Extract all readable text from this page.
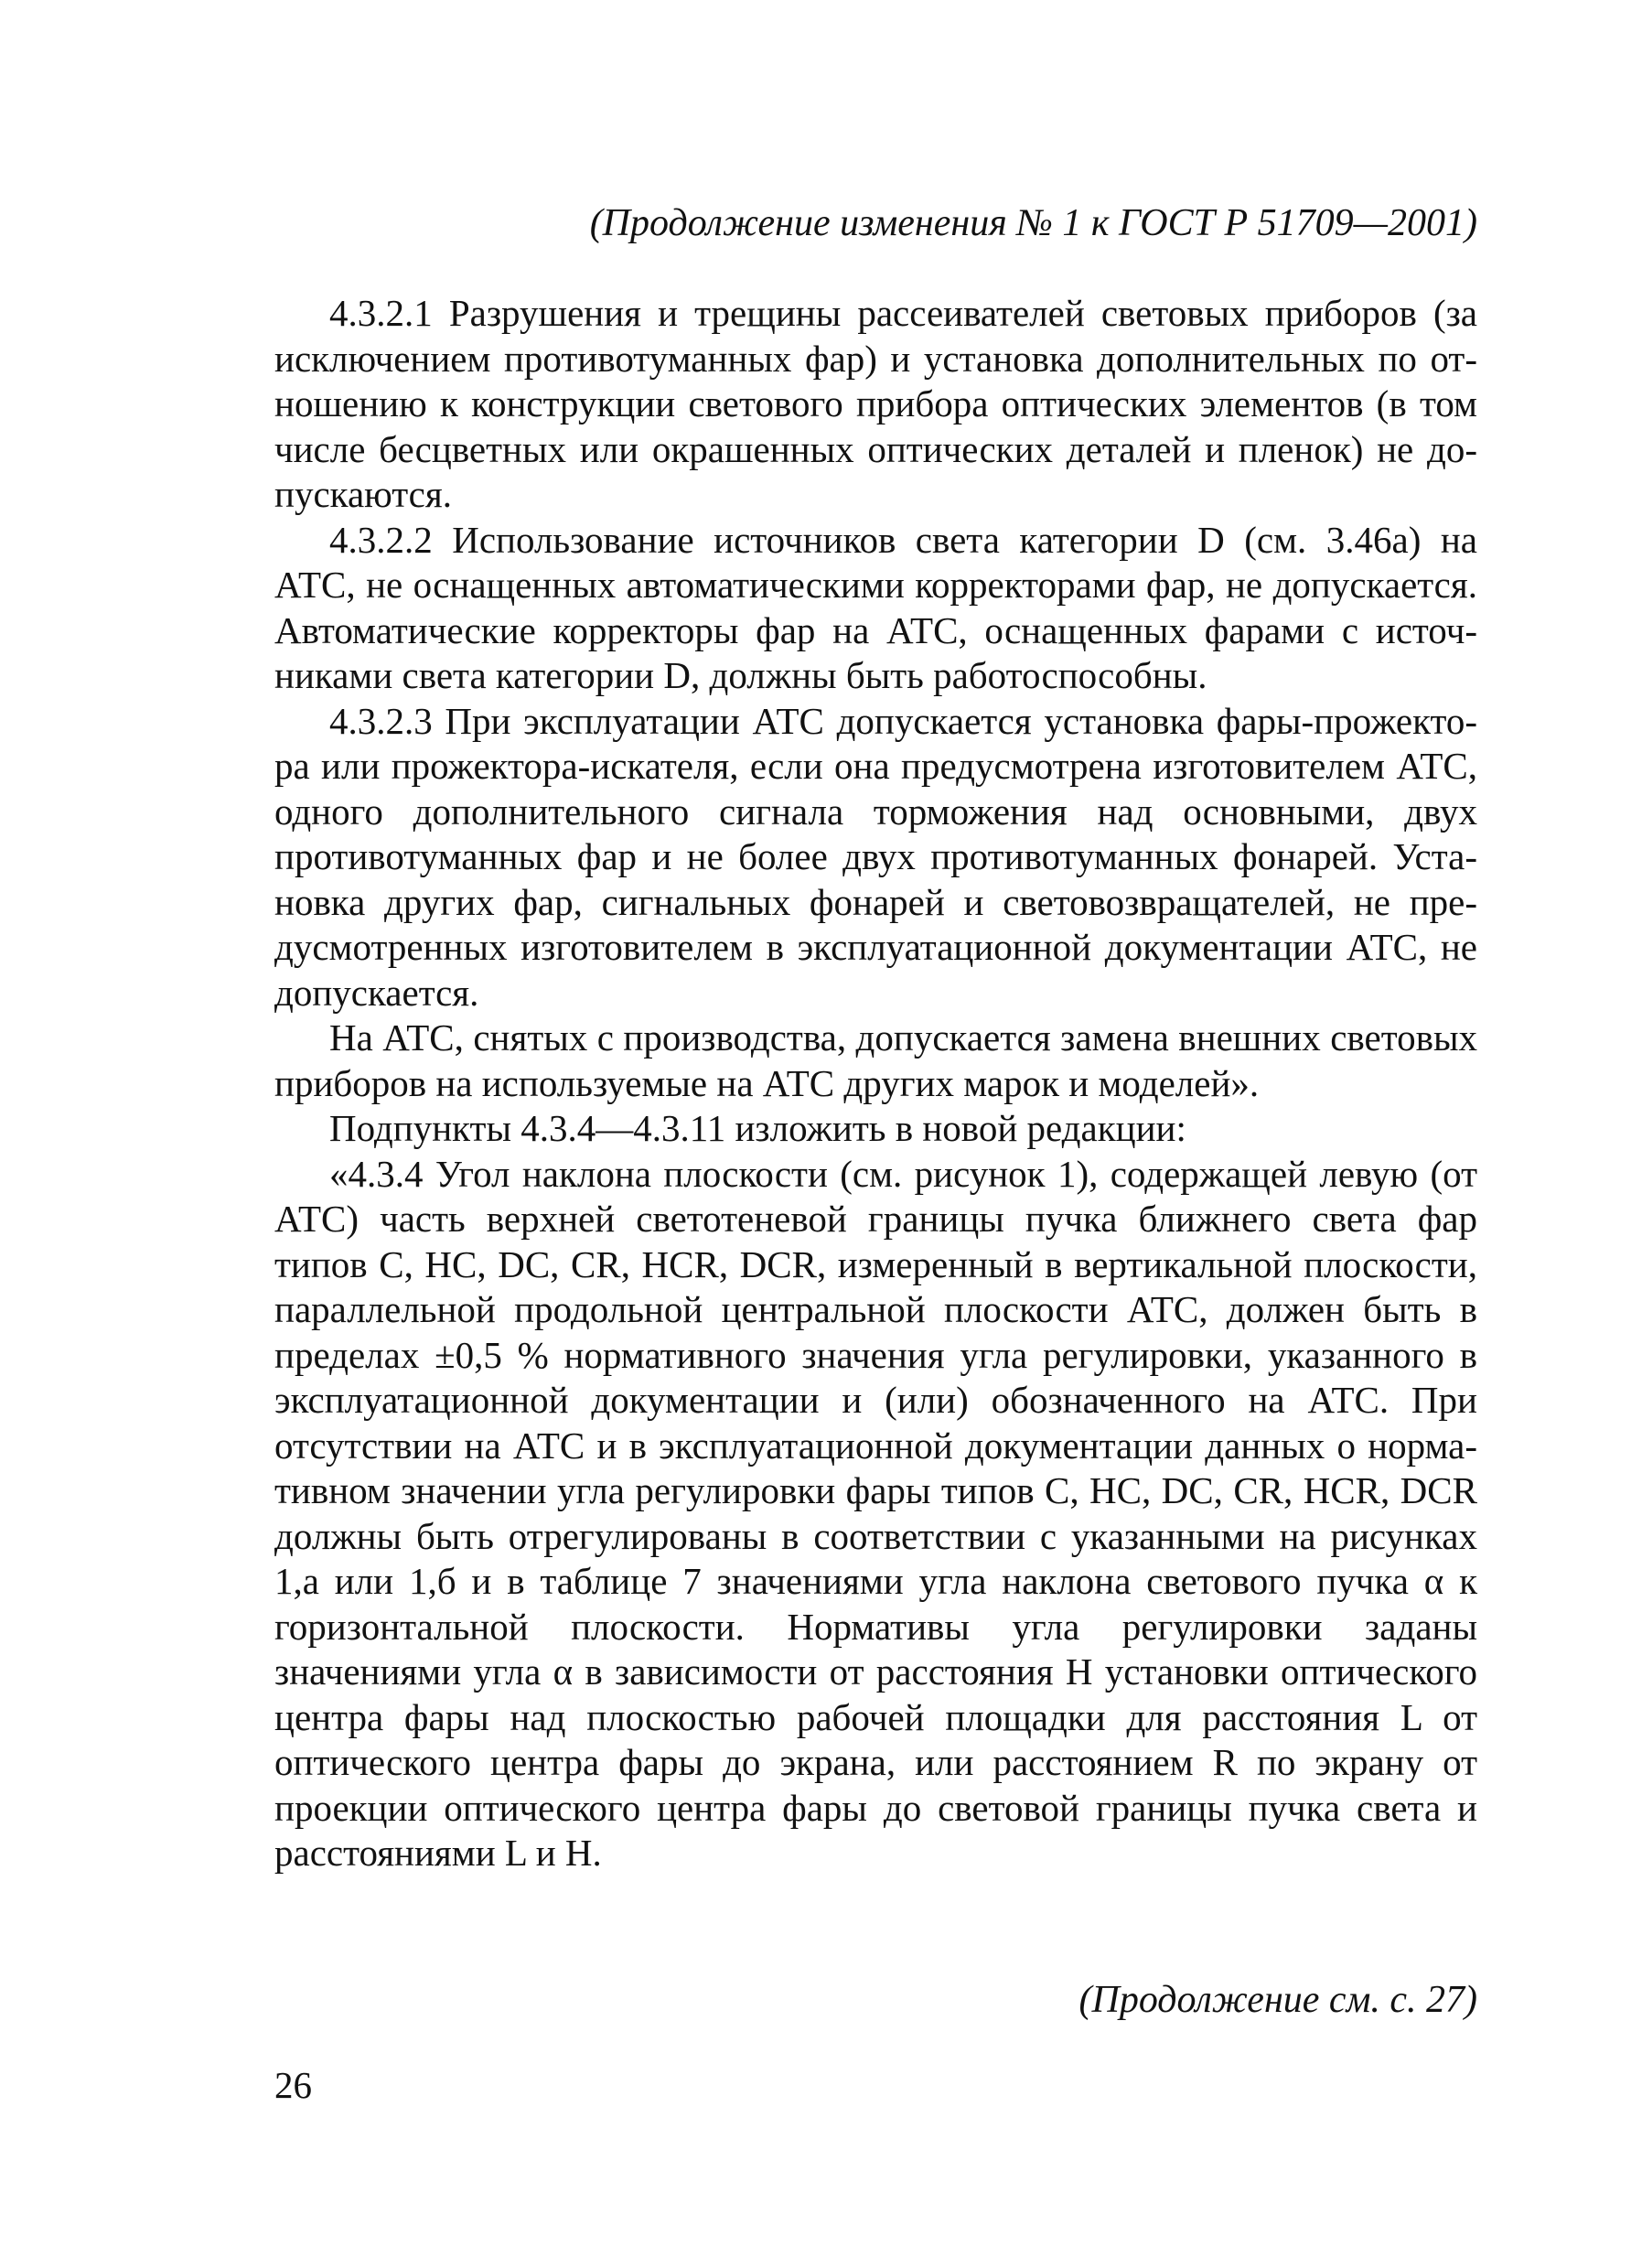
(Продолжение изменения № 1 к ГОСТ Р 51709—2001)

4.3.2.1 Разрушения и трещины рассеивателей световых приборов (за исключением противотуманных фар) и установка дополнительных по отношению к конструкции светового прибора оптических элементов (в том числе бесцветных или окрашенных оптических деталей и пленок) не допускаются.

4.3.2.2 Использование источников света категории D (см. 3.46а) на АТС, не оснащенных автоматическими корректорами фар, не допускается. Автоматические корректоры фар на АТС, оснащенных фарами с источниками света категории D, должны быть работоспособны.

4.3.2.3 При эксплуатации АТС допускается установка фары-прожектора или прожектора-искателя, если она предусмотрена изготовителем АТС, одного дополнительного сигнала торможения над основными, двух противотуманных фар и не более двух противотуманных фонарей. Установка других фар, сигнальных фонарей и световозвращателей, не предусмотренных изготовителем в эксплуатационной документации АТС, не допускается.

На АТС, снятых с производства, допускается замена внешних световых приборов на используемые на АТС других марок и моделей».

Подпункты 4.3.4—4.3.11 изложить в новой редакции:

«4.3.4 Угол наклона плоскости (см. рисунок 1), содержащей левую (от АТС) часть верхней светотеневой границы пучка ближнего света фар типов С, НС, DC, CR, HCR, DCR, измеренный в вертикальной плоскости, параллельной продольной центральной плоскости АТС, должен быть в пределах ±0,5 % нормативного значения угла регулировки, указанного в эксплуатационной документации и (или) обозначенного на АТС. При отсутствии на АТС и в эксплуатационной документации данных о нормативном значении угла регулировки фары типов С, НС, DC, CR, HCR, DCR должны быть отрегулированы в соответствии с указанными на рисунках 1,а или 1,б и в таблице 7 значениями угла наклона светового пучка α к горизонтальной плоскости. Нормативы угла регулировки заданы значениями угла α в зависимости от расстояния H установки оптического центра фары над плоскостью рабочей площадки для расстояния L от оптического центра фары до экрана, или расстоянием R по экрану от проекции оптического центра фары до световой границы пучка света и расстояниями L и H.

(Продолжение см. с. 27)
26
